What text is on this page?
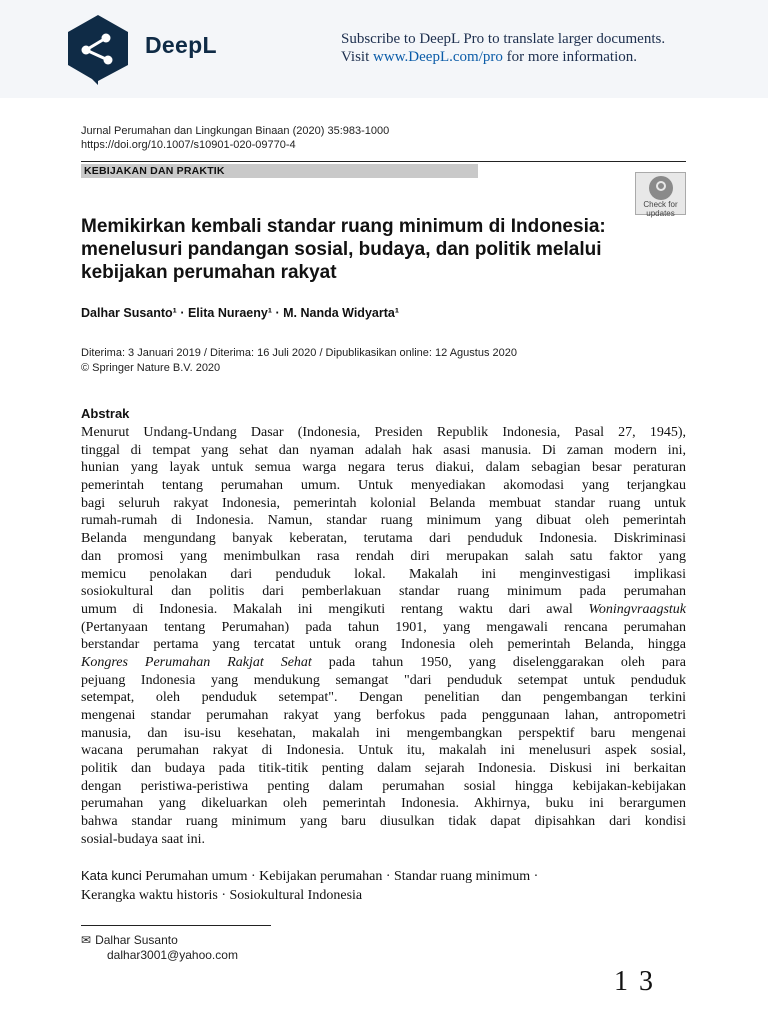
DeepL	Subscribe to DeepL Pro to translate larger documents.
Visit www.DeepL.com/pro for more information.
Jurnal Perumahan dan Lingkungan Binaan (2020) 35:983-1000
https://doi.org/10.1007/s10901-020-09770-4
KEBIJAKAN DAN PRAKTIK
Check for
updates
Memikirkan kembali standar ruang minimum di Indonesia:
menelusuri pandangan sosial, budaya, dan politik melalui
kebijakan perumahan rakyat
Dalhar Susanto¹ · Elita Nuraeny¹ · M. Nanda Widyarta¹
Diterima: 3 Januari 2019 / Diterima: 16 Juli 2020 / Dipublikasikan online: 12 Agustus 2020
© Springer Nature B.V. 2020
Abstrak
Menurut Undang-Undang Dasar (Indonesia, Presiden Republik Indonesia, Pasal 27, 1945),
tinggal di tempat yang sehat dan nyaman adalah hak asasi manusia. Di zaman modern ini,
hunian yang layak untuk semua warga negara terus diakui, dalam sebagian besar peraturan
pemerintah tentang perumahan umum. Untuk menyediakan akomodasi yang terjangkau
bagi seluruh rakyat Indonesia, pemerintah kolonial Belanda membuat standar ruang untuk
rumah-rumah di Indonesia. Namun, standar ruang minimum yang dibuat oleh pemerintah
Belanda mengundang banyak keberatan, terutama dari penduduk Indonesia. Diskriminasi
dan promosi yang menimbulkan rasa rendah diri merupakan salah satu faktor yang
memicu penolakan dari penduduk lokal. Makalah ini menginvestigasi implikasi
sosiokultural dan politis dari pemberlakuan standar ruang minimum pada perumahan
umum di Indonesia. Makalah ini mengikuti rentang waktu dari awal Woningvraagstuk
(Pertanyaan tentang Perumahan) pada tahun 1901, yang mengawali rencana perumahan
berstandar pertama yang tercatat untuk orang Indonesia oleh pemerintah Belanda, hingga
Kongres Perumahan Rakjat Sehat pada tahun 1950, yang diselenggarakan oleh para
pejuang Indonesia yang mendukung semangat "dari penduduk setempat untuk penduduk
setempat, oleh penduduk setempat". Dengan penelitian dan pengembangan terkini
mengenai standar perumahan rakyat yang berfokus pada penggunaan lahan, antropometri
manusia, dan isu-isu kesehatan, makalah ini mengembangkan perspektif baru mengenai
wacana perumahan rakyat di Indonesia. Untuk itu, makalah ini menelusuri aspek sosial,
politik dan budaya pada titik-titik penting dalam sejarah Indonesia. Diskusi ini berkaitan
dengan peristiwa-peristiwa penting dalam perumahan sosial hingga kebijakan-kebijakan
perumahan yang dikeluarkan oleh pemerintah Indonesia. Akhirnya, buku ini berargumen
bahwa standar ruang minimum yang baru diusulkan tidak dapat dipisahkan dari kondisi
sosial-budaya saat ini.
Kata kunci Perumahan umum · Kebijakan perumahan · Standar ruang minimum ·
Kerangka waktu historis · Sosiokultural Indonesia
✉ Dalhar Susanto
dalhar3001@yahoo.com
1 3
